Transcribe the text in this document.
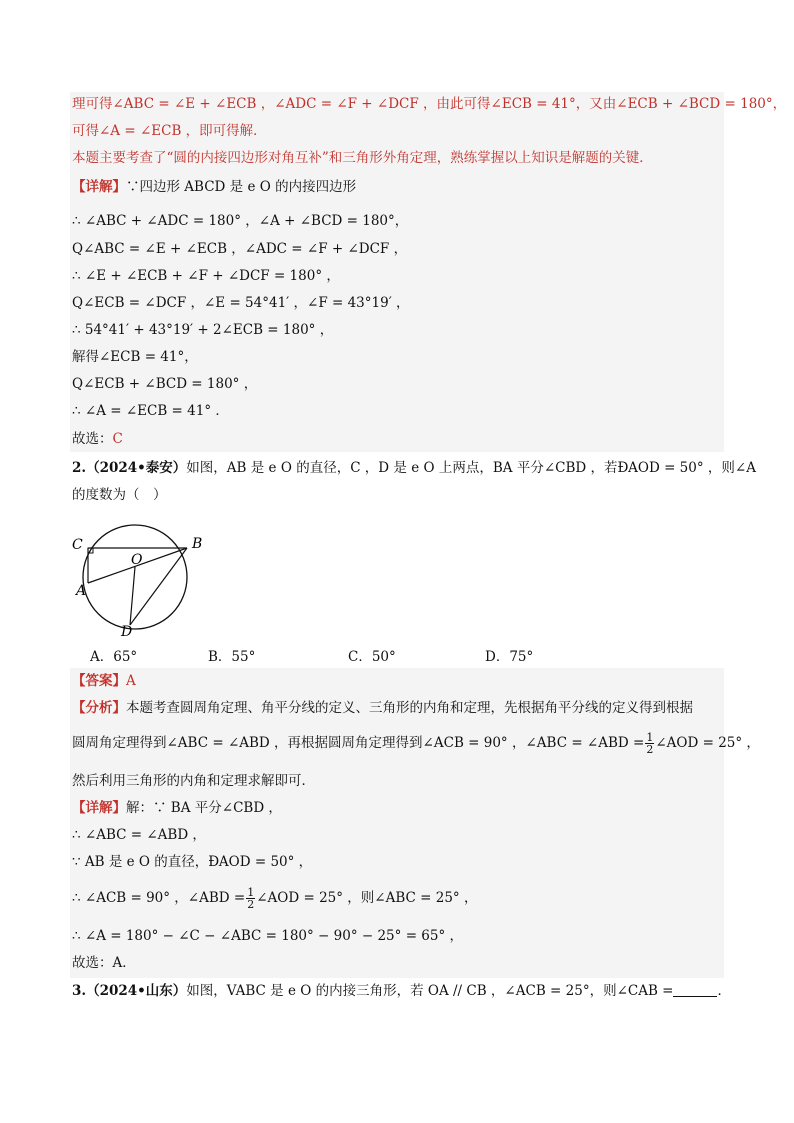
理可得∠ABC = ∠E + ∠ECB ，∠ADC = ∠F + ∠DCF ，由此可得∠ECB = 41°，又由∠ECB + ∠BCD = 180°，
可得∠A = ∠ECB ，即可得解．
本题主要考查了“圆的内接四边形对角互补”和三角形外角定理，熟练掌握以上知识是解题的关键．
【详解】∵四边形 ABCD 是 e O 的内接四边形
∴ ∠ABC + ∠ADC = 180° ，∠A + ∠BCD = 180°，
Q∠ABC = ∠E + ∠ECB ，∠ADC = ∠F + ∠DCF ，
∴ ∠E + ∠ECB + ∠F + ∠DCF = 180° ，
Q∠ECB = ∠DCF ，∠E = 54°41′ ，∠F = 43°19′ ，
∴ 54°41′ + 43°19′ + 2∠ECB = 180° ，
解得∠ECB = 41°，
Q∠ECB + ∠BCD = 180° ，
∴ ∠A = ∠ECB = 41° ．
故选：C
2.（2024•泰安）如图，AB 是 e O 的直径，C ，D 是 e O 上两点，BA 平分∠CBD ，若ÐAOD = 50° ，则∠A
的度数为（　）
C
O
B
A
D
A．65°	B．55°	C．50°	D．75°
【答案】A
【分析】本题考查圆周角定理、角平分线的定义、三角形的内角和定理，先根据角平分线的定义得到根据
圆周角定理得到∠ABC = ∠ABD ，再根据圆周角定理得到∠ACB = 90° ，∠ABC = ∠ABD = $\frac{1}{2}$ ∠AOD = 25° ，
然后利用三角形的内角和定理求解即可．
【详解】解：∵ BA 平分∠CBD ，
∴ ∠ABC = ∠ABD ，
∵ AB 是 e O 的直径，ÐAOD = 50° ，
∴ ∠ACB = 90° ，∠ABD = $\frac{1}{2}$ ∠AOD = 25° ，则∠ABC = 25° ，
∴ ∠A = 180° − ∠C − ∠ABC = 180° − 90° − 25° = 65° ，
故选：A．
3.（2024•山东）如图，VABC 是 e O 的内接三角形，若 OA // CB ，∠ACB = 25°，则∠CAB =	．
